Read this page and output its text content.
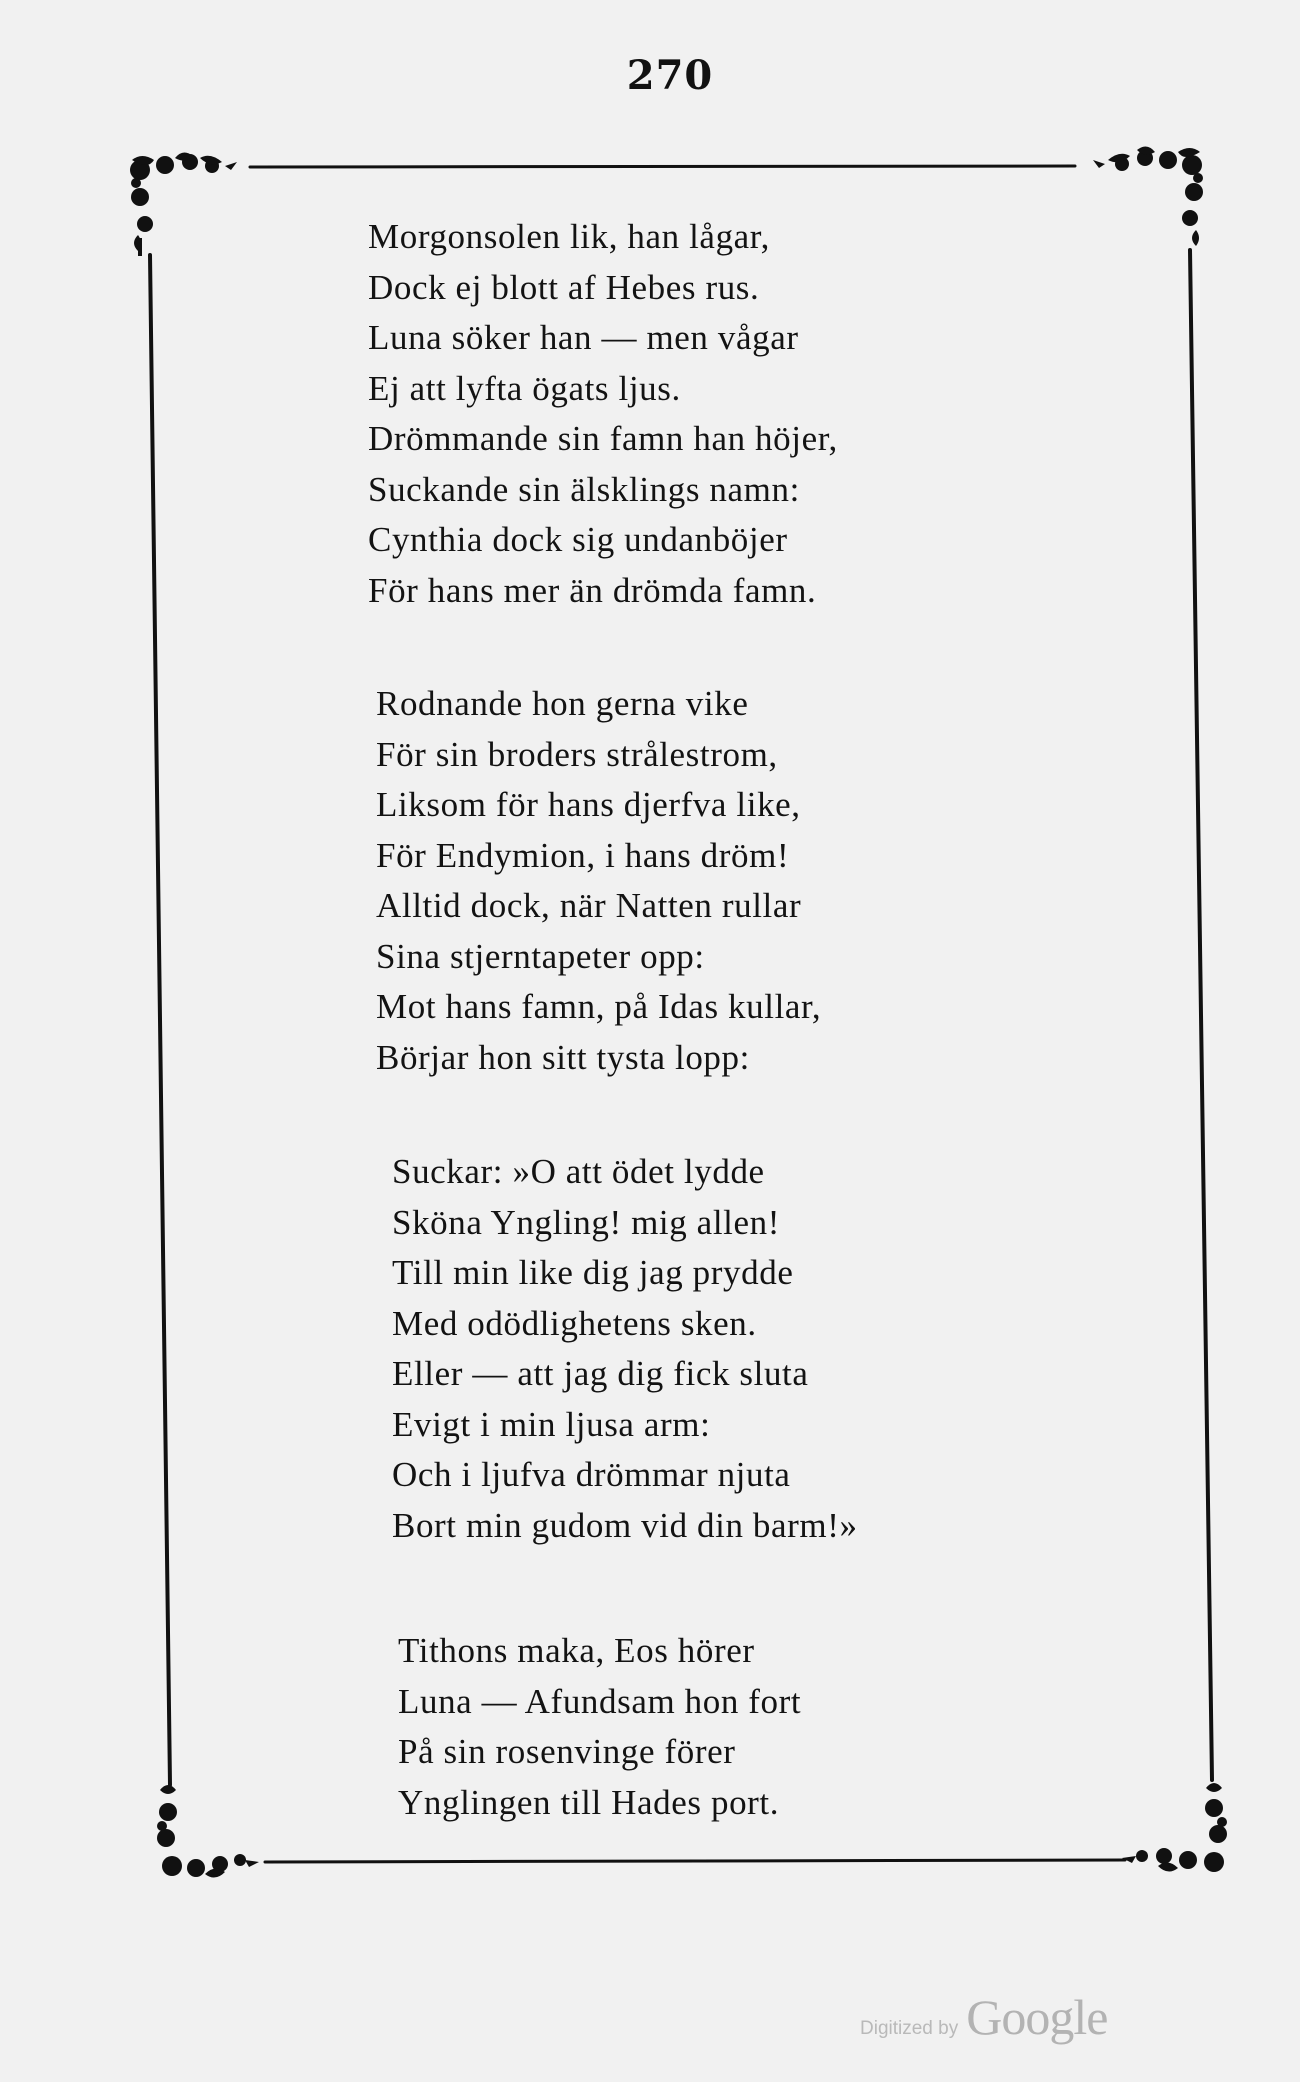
270
Morgonsolen lik, han lågar,
Dock ej blott af Hebes rus.
Luna söker han — men vågar
Ej att lyfta ögats ljus.
Drömmande sin famn han höjer,
Suckande sin älsklings namn:
Cynthia dock sig undanböjer
För hans mer än drömda famn.
Rodnande hon gerna vike
För sin broders strålestrom,
Liksom för hans djerfva like,
För Endymion, i hans dröm!
Alltid dock, när Natten rullar
Sina stjerntapeter opp:
Mot hans famn, på Idas kullar,
Börjar hon sitt tysta lopp:
Suckar: »O att ödet lydde
Sköna Yngling! mig allen!
Till min like dig jag prydde
Med odödlighetens sken.
Eller — att jag dig fick sluta
Evigt i min ljusa arm:
Och i ljufva drömmar njuta
Bort min gudom vid din barm!»
Tithons maka, Eos hörer
Luna — Afundsam hon fort
På sin rosenvinge förer
Ynglingen till Hades port.
Digitized by Google
